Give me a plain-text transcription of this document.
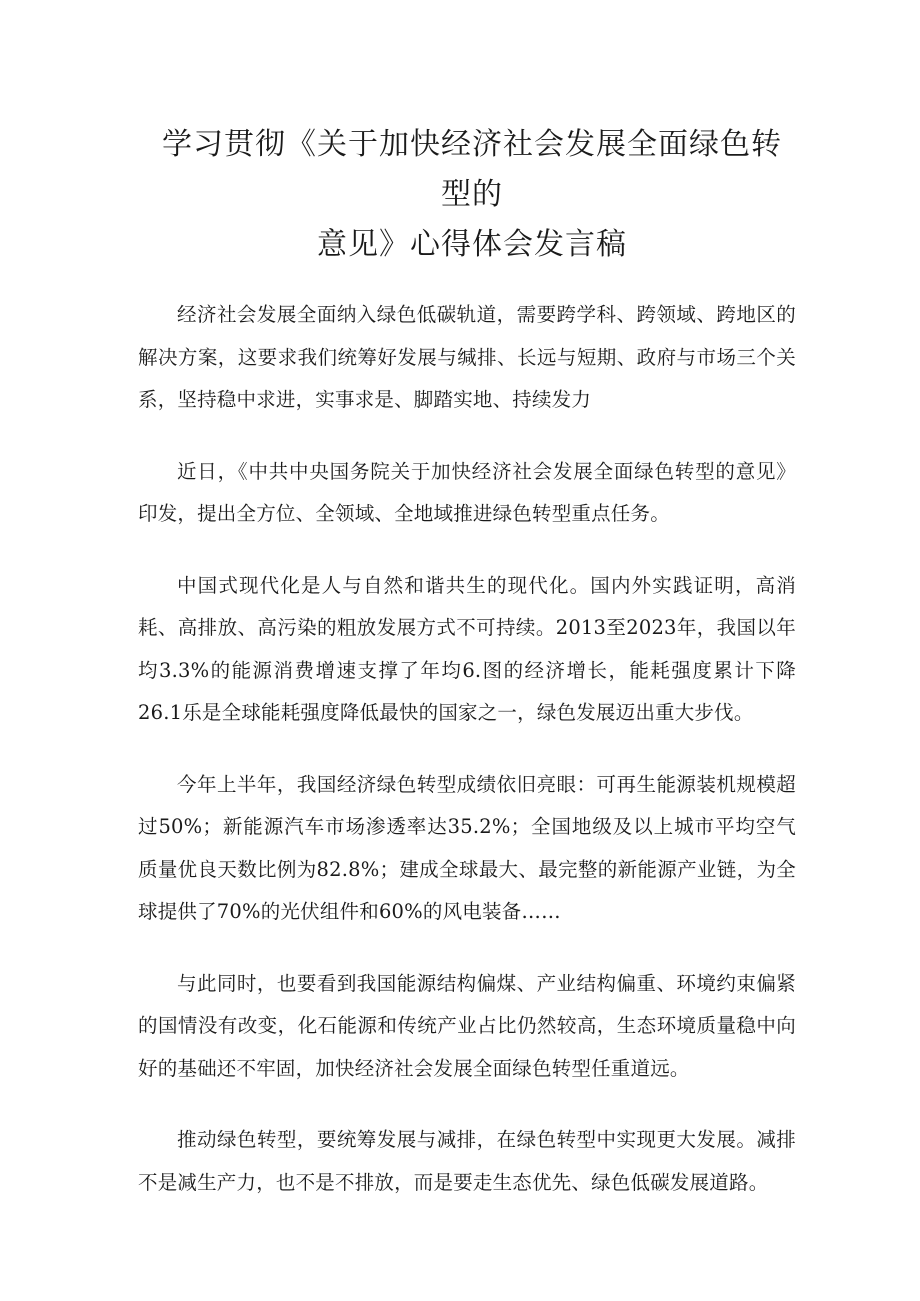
学习贯彻《关于加快经济社会发展全面绿色转型的
意见》心得体会发言稿

经济社会发展全面纳入绿色低碳轨道，需要跨学科、跨领域、跨地区的解决方案，这要求我们统筹好发展与缄排、长远与短期、政府与市场三个关系，坚持稳中求进，实事求是、脚踏实地、持续发力

近日，《中共中央国务院关于加快经济社会发展全面绿色转型的意见》印发，提出全方位、全领域、全地域推进绿色转型重点任务。

中国式现代化是人与自然和谐共生的现代化。国内外实践证明，高消耗、高排放、高污染的粗放发展方式不可持续。2013至2023年，我国以年均3.3%的能源消费增速支撑了年均6.图的经济增长，能耗强度累计下降26.1乐是全球能耗强度降低最快的国家之一，绿色发展迈出重大步伐。

今年上半年，我国经济绿色转型成绩依旧亮眼：可再生能源装机规模超过50%；新能源汽车市场渗透率达35.2%；全国地级及以上城市平均空气质量优良天数比例为82.8%；建成全球最大、最完整的新能源产业链，为全球提供了70%的光伏组件和60%的风电装备……

与此同时，也要看到我国能源结构偏煤、产业结构偏重、环境约束偏紧的国情没有改变，化石能源和传统产业占比仍然较高，生态环境质量稳中向好的基础还不牢固，加快经济社会发展全面绿色转型任重道远。

推动绿色转型，要统筹发展与减排，在绿色转型中实现更大发展。减排不是减生产力，也不是不排放，而是要走生态优先、绿色低碳发展道路。
